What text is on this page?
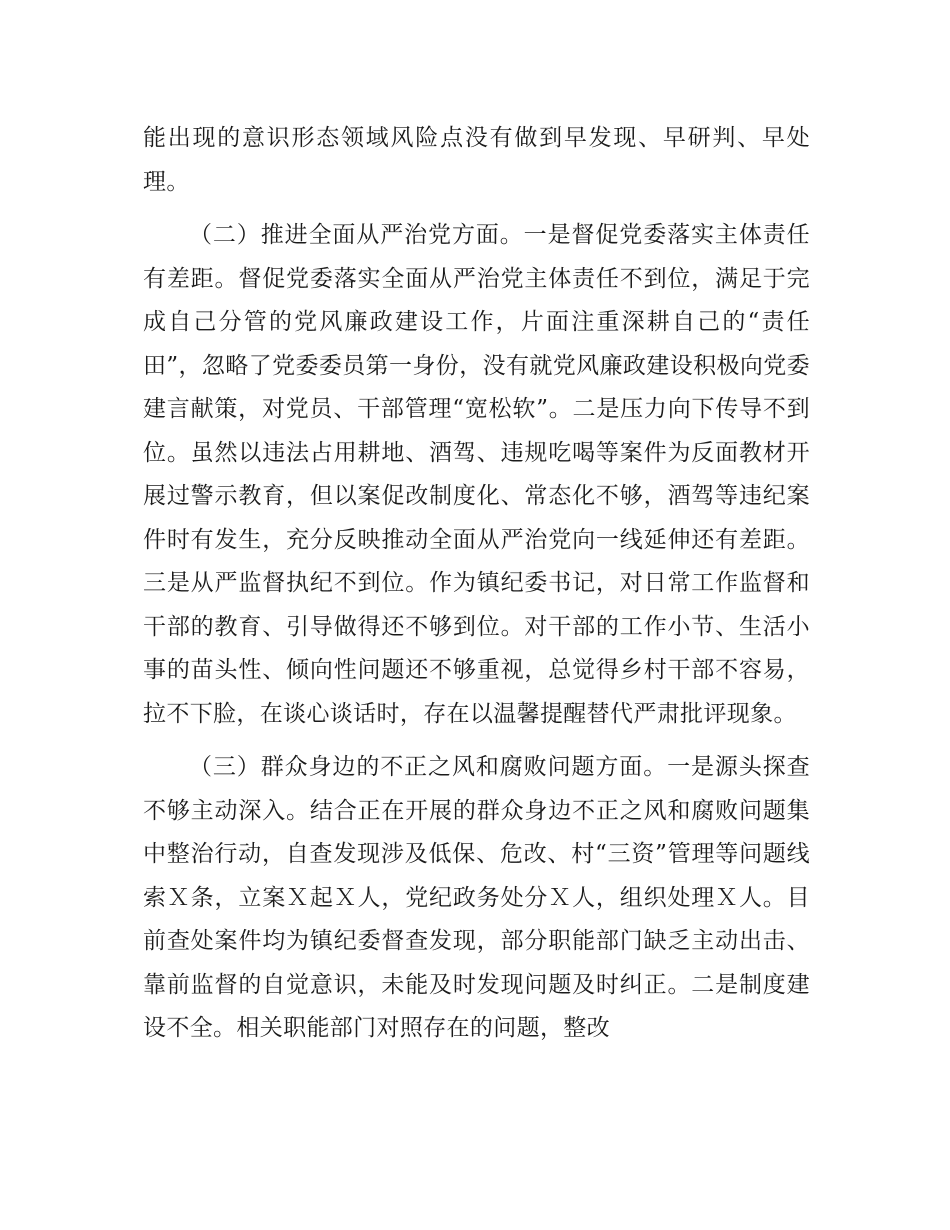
能出现的意识形态领域风险点没有做到早发现、早研判、早处理。

（二）推进全面从严治党方面。一是督促党委落实主体责任有差距。督促党委落实全面从严治党主体责任不到位，满足于完成自己分管的党风廉政建设工作，片面注重深耕自己的“责任田”，忽略了党委委员第一身份，没有就党风廉政建设积极向党委建言献策，对党员、干部管理“宽松软”。二是压力向下传导不到位。虽然以违法占用耕地、酒驾、违规吃喝等案件为反面教材开展过警示教育，但以案促改制度化、常态化不够，酒驾等违纪案件时有发生，充分反映推动全面从严治党向一线延伸还有差距。三是从严监督执纪不到位。作为镇纪委书记，对日常工作监督和干部的教育、引导做得还不够到位。对干部的工作小节、生活小事的苗头性、倾向性问题还不够重视，总觉得乡村干部不容易，拉不下脸，在谈心谈话时，存在以温馨提醒替代严肃批评现象。

（三）群众身边的不正之风和腐败问题方面。一是源头探查不够主动深入。结合正在开展的群众身边不正之风和腐败问题集中整治行动，自查发现涉及低保、危改、村“三资”管理等问题线索Ｘ条，立案Ｘ起Ｘ人，党纪政务处分Ｘ人，组织处理Ｘ人。目前查处案件均为镇纪委督查发现，部分职能部门缺乏主动出击、靠前监督的自觉意识，未能及时发现问题及时纠正。二是制度建设不全。相关职能部门对照存在的问题，整改
